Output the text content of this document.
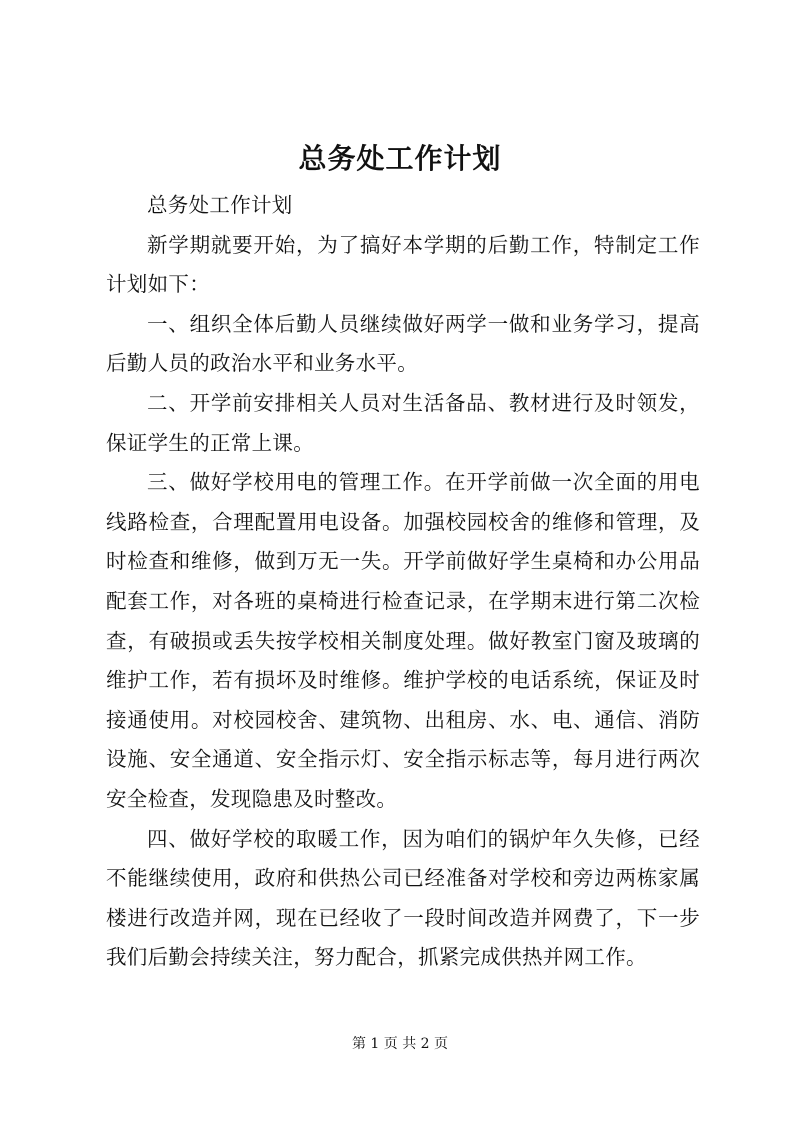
总务处工作计划

总务处工作计划

新学期就要开始，为了搞好本学期的后勤工作，特制定工作计划如下：

一、组织全体后勤人员继续做好两学一做和业务学习，提高后勤人员的政治水平和业务水平。

二、开学前安排相关人员对生活备品、教材进行及时领发，保证学生的正常上课。

三、做好学校用电的管理工作。在开学前做一次全面的用电线路检查，合理配置用电设备。加强校园校舍的维修和管理，及时检查和维修，做到万无一失。开学前做好学生桌椅和办公用品配套工作，对各班的桌椅进行检查记录，在学期末进行第二次检查，有破损或丢失按学校相关制度处理。做好教室门窗及玻璃的维护工作，若有损坏及时维修。维护学校的电话系统，保证及时接通使用。对校园校舍、建筑物、出租房、水、电、通信、消防设施、安全通道、安全指示灯、安全指示标志等，每月进行两次安全检查，发现隐患及时整改。

四、做好学校的取暖工作，因为咱们的锅炉年久失修，已经不能继续使用，政府和供热公司已经准备对学校和旁边两栋家属楼进行改造并网，现在已经收了一段时间改造并网费了，下一步我们后勤会持续关注，努力配合，抓紧完成供热并网工作。

第 1 页 共 2 页
